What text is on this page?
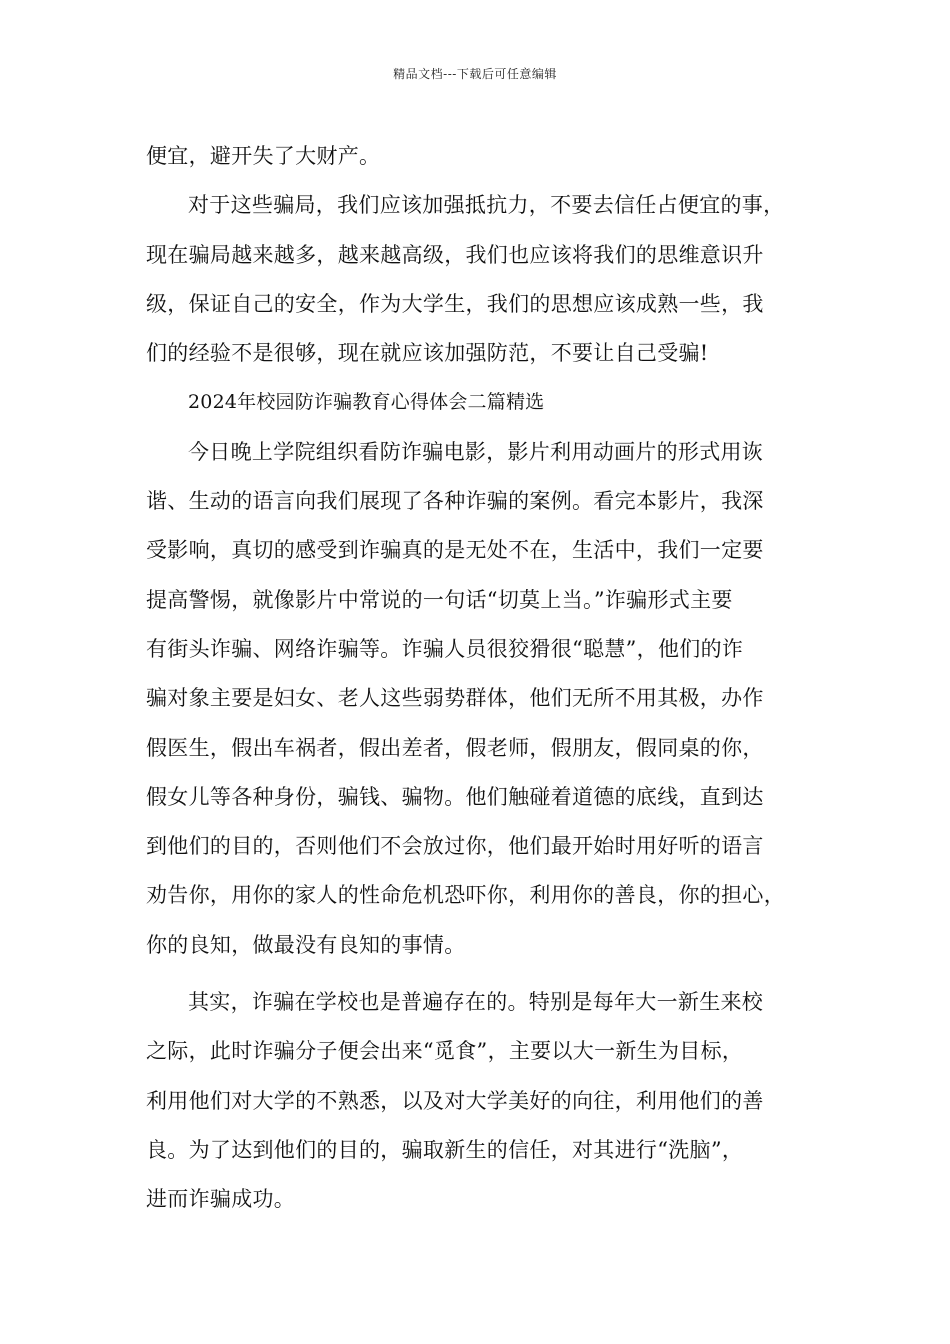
精品文档---下载后可任意编辑
便宜，避开失了大财产。
对于这些骗局，我们应该加强抵抗力，不要去信任占便宜的事，
现在骗局越来越多，越来越高级，我们也应该将我们的思维意识升
级，保证自己的安全，作为大学生，我们的思想应该成熟一些，我
们的经验不是很够，现在就应该加强防范，不要让自己受骗!
2024年校园防诈骗教育心得体会二篇精选
今日晚上学院组织看防诈骗电影，影片利用动画片的形式用诙
谐、生动的语言向我们展现了各种诈骗的案例。看完本影片，我深
受影响，真切的感受到诈骗真的是无处不在，生活中，我们一定要
提高警惕，就像影片中常说的一句话“切莫上当。”诈骗形式主要
有街头诈骗、网络诈骗等。诈骗人员很狡猾很“聪慧”，他们的诈
骗对象主要是妇女、老人这些弱势群体，他们无所不用其极，办作
假医生，假出车祸者，假出差者，假老师，假朋友，假同桌的你，
假女儿等各种身份，骗钱、骗物。他们触碰着道德的底线，直到达
到他们的目的，否则他们不会放过你，他们最开始时用好听的语言
劝告你，用你的家人的性命危机恐吓你，利用你的善良，你的担心，
你的良知，做最没有良知的事情。
其实，诈骗在学校也是普遍存在的。特别是每年大一新生来校
之际，此时诈骗分子便会出来“觅食”，主要以大一新生为目标，
利用他们对大学的不熟悉，以及对大学美好的向往，利用他们的善
良。为了达到他们的目的，骗取新生的信任，对其进行“洗脑”，
进而诈骗成功。
